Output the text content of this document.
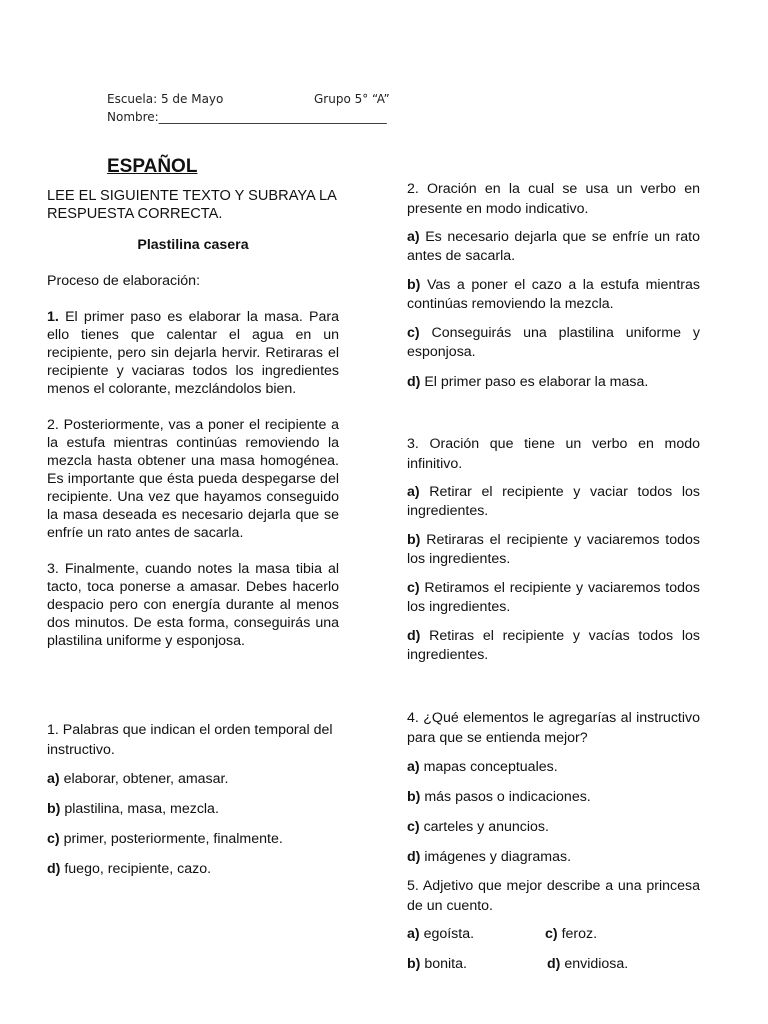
Escuela: 5 de Mayo	Grupo 5° “A”
Nombre:______________________________________
ESPAÑOL

LEE EL SIGUIENTE TEXTO Y SUBRAYA LA RESPUESTA CORRECTA.

Plastilina casera

Proceso de elaboración:

1. El primer paso es elaborar la masa. Para ello tienes que calentar el agua en un recipiente, pero sin dejarla hervir. Retiraras el recipiente y vaciaras todos los ingredientes menos el colorante, mezclándolos bien.

2. Posteriormente, vas a poner el recipiente a la estufa mientras continúas removiendo la mezcla hasta obtener una masa homogénea. Es importante que ésta pueda despegarse del recipiente. Una vez que hayamos conseguido la masa deseada es necesario dejarla que se enfríe un rato antes de sacarla.

3. Finalmente, cuando notes la masa tibia al tacto, toca ponerse a amasar. Debes hacerlo despacio pero con energía durante al menos dos minutos. De esta forma, conseguirás una plastilina uniforme y esponjosa.

1. Palabras que indican el orden temporal del instructivo.

a) elaborar, obtener, amasar.

b) plastilina, masa, mezcla.

c) primer, posteriormente, finalmente.

d) fuego, recipiente, cazo.

2. Oración en la cual se usa un verbo en presente en modo indicativo.

a) Es necesario dejarla que se enfríe un rato antes de sacarla.

b) Vas a poner el cazo a la estufa mientras continúas removiendo la mezcla.

c) Conseguirás una plastilina uniforme y esponjosa.

d) El primer paso es elaborar la masa.

3. Oración que tiene un verbo en modo infinitivo.

a) Retirar el recipiente y vaciar todos los ingredientes.

b) Retiraras el recipiente y vaciaremos todos los ingredientes.

c) Retiramos el recipiente y vaciaremos todos los ingredientes.

d) Retiras el recipiente y vacías todos los ingredientes.

4. ¿Qué elementos le agregarías al instructivo para que se entienda mejor?

a) mapas conceptuales.

b) más pasos o indicaciones.

c) carteles y anuncios.

d) imágenes y diagramas.

5. Adjetivo que mejor describe a una princesa de un cuento.

a) egoísta.	c) feroz.
b) bonita.	d) envidiosa.
